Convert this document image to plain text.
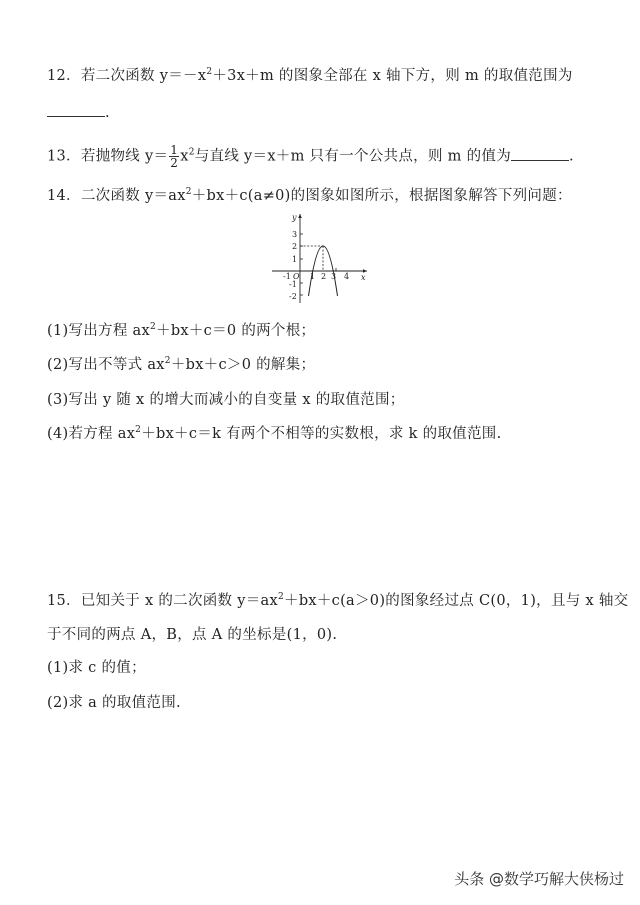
12．若二次函数 $y=-x^2+3x+m$ 的图象全部在 x 轴下方，则 m 的取值范围为
.
13．若抛物线 $y= \frac{1}{2} x^2$与直线 y＝x＋m 只有一个公共点，则 m 的值为	.
14．二次函数 $y=ax^2+bx+c(a\ne 0)$的图象如图所示，根据图象解答下列问题：
y
x
3
2
1
-1
-2
-1 O 1 2 3 4
(1)写出方程 $ax^2+bx+c=0$ 的两个根；
(2)写出不等式 $ax^2+bx+c>0$ 的解集；
(3)写出 y 随 x 的增大而减小的自变量 x 的取值范围；
(4)若方程 $ax^2+bx+c=k$ 有两个不相等的实数根，求 k 的取值范围.
15．已知关于 x 的二次函数 $y=ax^2+bx+c(a>0)$的图象经过点 C(0，1)，且与 x 轴交
于不同的两点 A，B，点 A 的坐标是(1，0).
(1)求 c 的值；
(2)求 a 的取值范围.
头条 @数学巧解大侠杨过
